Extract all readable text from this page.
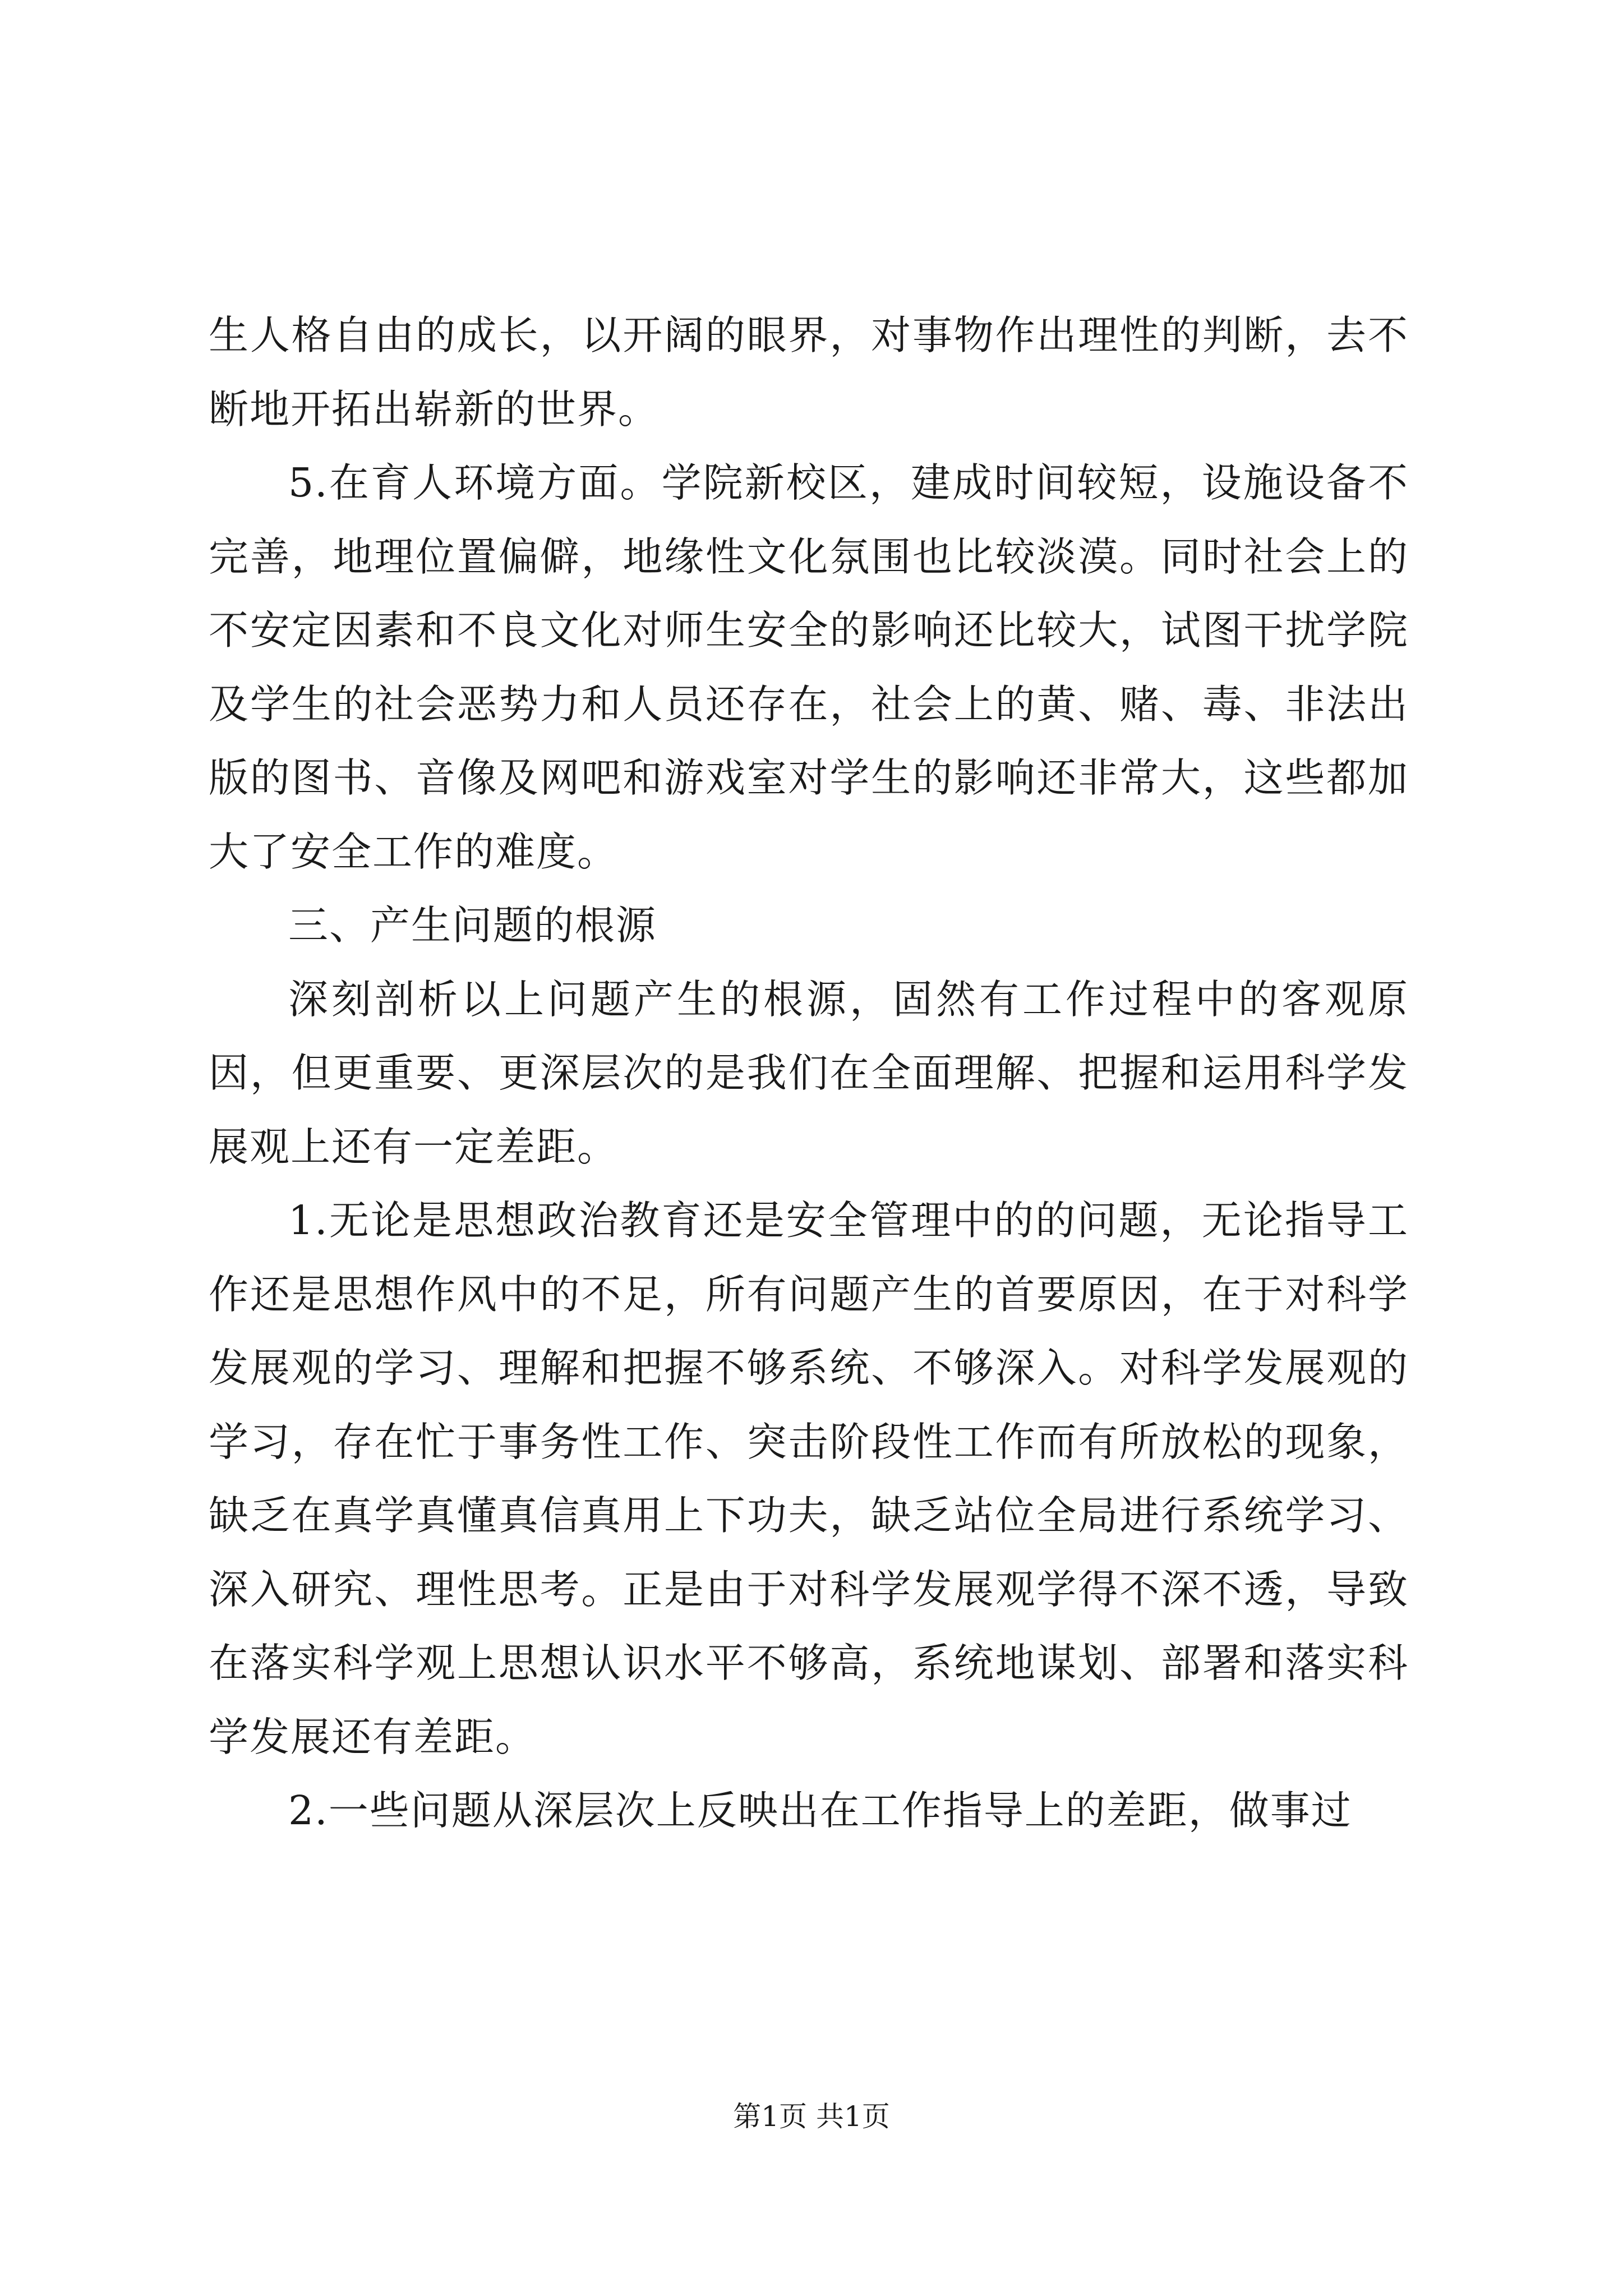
生人格自由的成长，以开阔的眼界，对事物作出理性的判断，去不断地开拓出崭新的世界。

5.在育人环境方面。学院新校区，建成时间较短，设施设备不完善，地理位置偏僻，地缘性文化氛围也比较淡漠。同时社会上的不安定因素和不良文化对师生安全的影响还比较大，试图干扰学院及学生的社会恶势力和人员还存在，社会上的黄、赌、毒、非法出版的图书、音像及网吧和游戏室对学生的影响还非常大，这些都加大了安全工作的难度。

三、产生问题的根源

深刻剖析以上问题产生的根源，固然有工作过程中的客观原因，但更重要、更深层次的是我们在全面理解、把握和运用科学发展观上还有一定差距。

1.无论是思想政治教育还是安全管理中的的问题，无论指导工作还是思想作风中的不足，所有问题产生的首要原因，在于对科学发展观的学习、理解和把握不够系统、不够深入。对科学发展观的学习，存在忙于事务性工作、突击阶段性工作而有所放松的现象，缺乏在真学真懂真信真用上下功夫，缺乏站位全局进行系统学习、深入研究、理性思考。正是由于对科学发展观学得不深不透，导致在落实科学观上思想认识水平不够高，系统地谋划、部署和落实科学发展还有差距。

2.一些问题从深层次上反映出在工作指导上的差距，做事过

第1页 共1页
